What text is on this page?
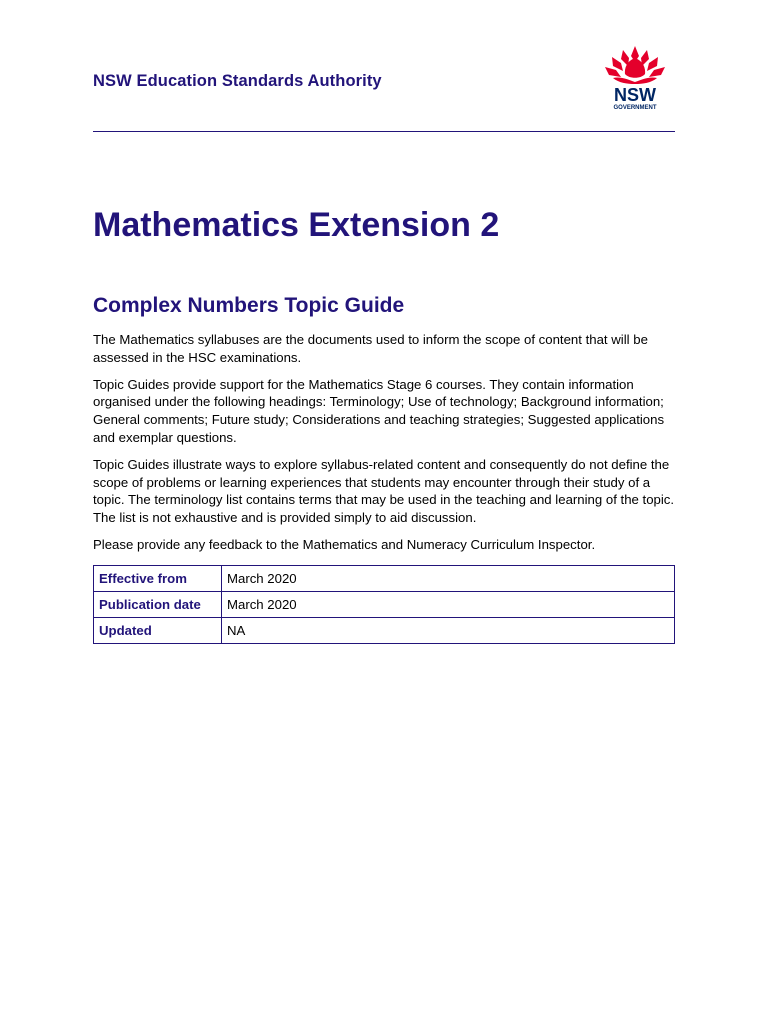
NSW Education Standards Authority
NSW
GOVERNMENT
Mathematics Extension 2
Complex Numbers Topic Guide

The Mathematics syllabuses are the documents used to inform the scope of content that will be assessed in the HSC examinations.

Topic Guides provide support for the Mathematics Stage 6 courses. They contain information organised under the following headings: Terminology; Use of technology; Background information; General comments; Future study; Considerations and teaching strategies; Suggested applications and exemplar questions.

Topic Guides illustrate ways to explore syllabus-related content and consequently do not define the scope of problems or learning experiences that students may encounter through their study of a topic. The terminology list contains terms that may be used in the teaching and learning of the topic. The list is not exhaustive and is provided simply to aid discussion.

Please provide any feedback to the Mathematics and Numeracy Curriculum Inspector.

Effective from	March 2020
Publication date	March 2020
Updated	NA
